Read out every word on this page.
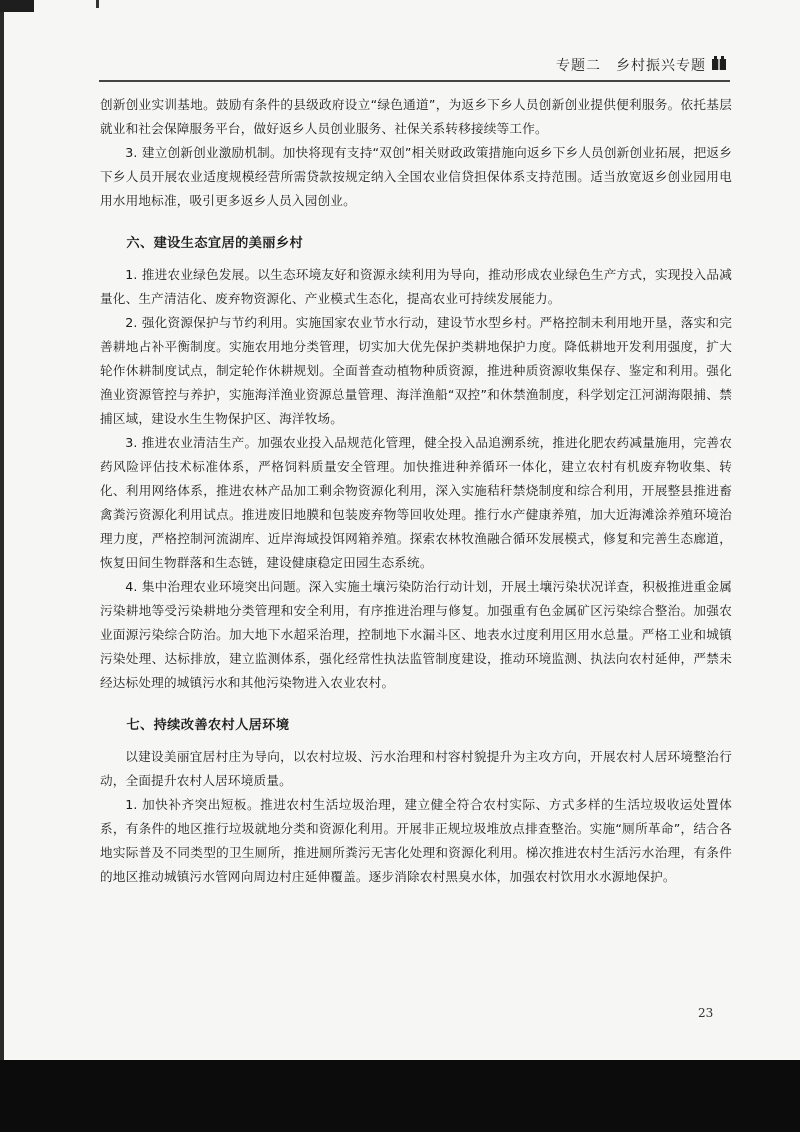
专题二　乡村振兴专题

创新创业实训基地。鼓励有条件的县级政府设立“绿色通道”，为返乡下乡人员创新创业提供便利服务。依托基层就业和社会保障服务平台，做好返乡人员创业服务、社保关系转移接续等工作。

3. 建立创新创业激励机制。加快将现有支持“双创”相关财政政策措施向返乡下乡人员创新创业拓展，把返乡下乡人员开展农业适度规模经营所需贷款按规定纳入全国农业信贷担保体系支持范围。适当放宽返乡创业园用电用水用地标准，吸引更多返乡人员入园创业。

六、建设生态宜居的美丽乡村

1. 推进农业绿色发展。以生态环境友好和资源永续利用为导向，推动形成农业绿色生产方式，实现投入品减量化、生产清洁化、废弃物资源化、产业模式生态化，提高农业可持续发展能力。

2. 强化资源保护与节约利用。实施国家农业节水行动，建设节水型乡村。严格控制未利用地开垦，落实和完善耕地占补平衡制度。实施农用地分类管理，切实加大优先保护类耕地保护力度。降低耕地开发利用强度，扩大轮作休耕制度试点，制定轮作休耕规划。全面普查动植物种质资源，推进种质资源收集保存、鉴定和利用。强化渔业资源管控与养护，实施海洋渔业资源总量管理、海洋渔船“双控”和休禁渔制度，科学划定江河湖海限捕、禁捕区域，建设水生生物保护区、海洋牧场。

3. 推进农业清洁生产。加强农业投入品规范化管理，健全投入品追溯系统，推进化肥农药减量施用，完善农药风险评估技术标准体系，严格饲料质量安全管理。加快推进种养循环一体化，建立农村有机废弃物收集、转化、利用网络体系，推进农林产品加工剩余物资源化利用，深入实施秸秆禁烧制度和综合利用，开展整县推进畜禽粪污资源化利用试点。推进废旧地膜和包装废弃物等回收处理。推行水产健康养殖，加大近海滩涂养殖环境治理力度，严格控制河流湖库、近岸海域投饵网箱养殖。探索农林牧渔融合循环发展模式，修复和完善生态廊道，恢复田间生物群落和生态链，建设健康稳定田园生态系统。

4. 集中治理农业环境突出问题。深入实施土壤污染防治行动计划，开展土壤污染状况详查，积极推进重金属污染耕地等受污染耕地分类管理和安全利用，有序推进治理与修复。加强重有色金属矿区污染综合整治。加强农业面源污染综合防治。加大地下水超采治理，控制地下水漏斗区、地表水过度利用区用水总量。严格工业和城镇污染处理、达标排放，建立监测体系，强化经常性执法监管制度建设，推动环境监测、执法向农村延伸，严禁未经达标处理的城镇污水和其他污染物进入农业农村。

七、持续改善农村人居环境

以建设美丽宜居村庄为导向，以农村垃圾、污水治理和村容村貌提升为主攻方向，开展农村人居环境整治行动，全面提升农村人居环境质量。

1. 加快补齐突出短板。推进农村生活垃圾治理，建立健全符合农村实际、方式多样的生活垃圾收运处置体系，有条件的地区推行垃圾就地分类和资源化利用。开展非正规垃圾堆放点排查整治。实施“厕所革命”，结合各地实际普及不同类型的卫生厕所，推进厕所粪污无害化处理和资源化利用。梯次推进农村生活污水治理，有条件的地区推动城镇污水管网向周边村庄延伸覆盖。逐步消除农村黑臭水体，加强农村饮用水水源地保护。

23
